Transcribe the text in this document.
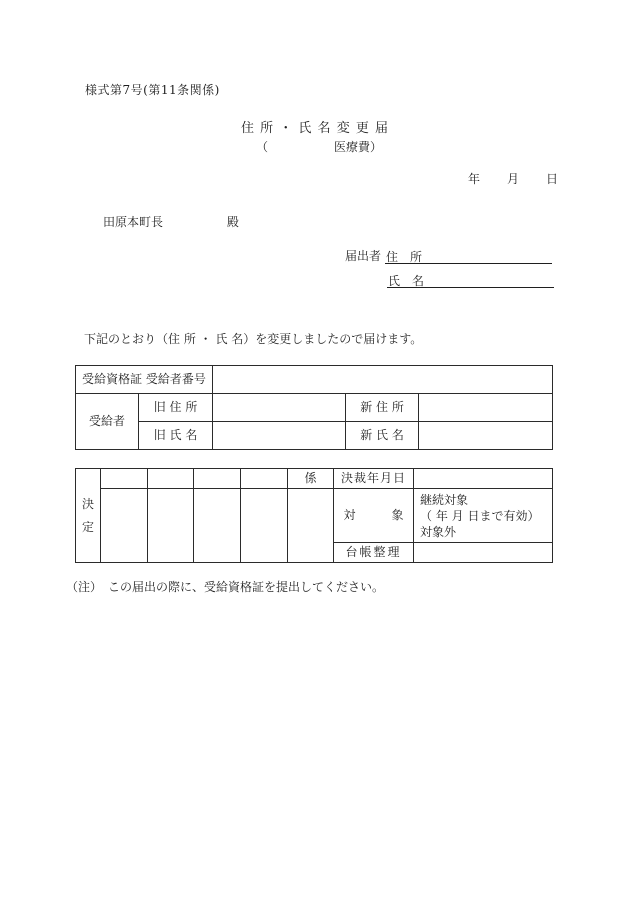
様式第7号(第11条関係)
住 所 ・ 氏 名 変 更 届
（	医療費）
年 月 日
田原本町長	殿
届出者 住　所
氏　名
下記のとおり（住 所 ・ 氏 名）を変更しましたので届けます。
受給資格証 受給者番号				
受給者	旧 住 所		新 住 所	
	旧 氏 名		新 氏 名	
決定					係	決裁年月日	
						対　　　象	継続対象
（ 年 月 日まで有効）
対象外

						台帳整理	
（注）　この届出の際に、受給資格証を提出してください。
